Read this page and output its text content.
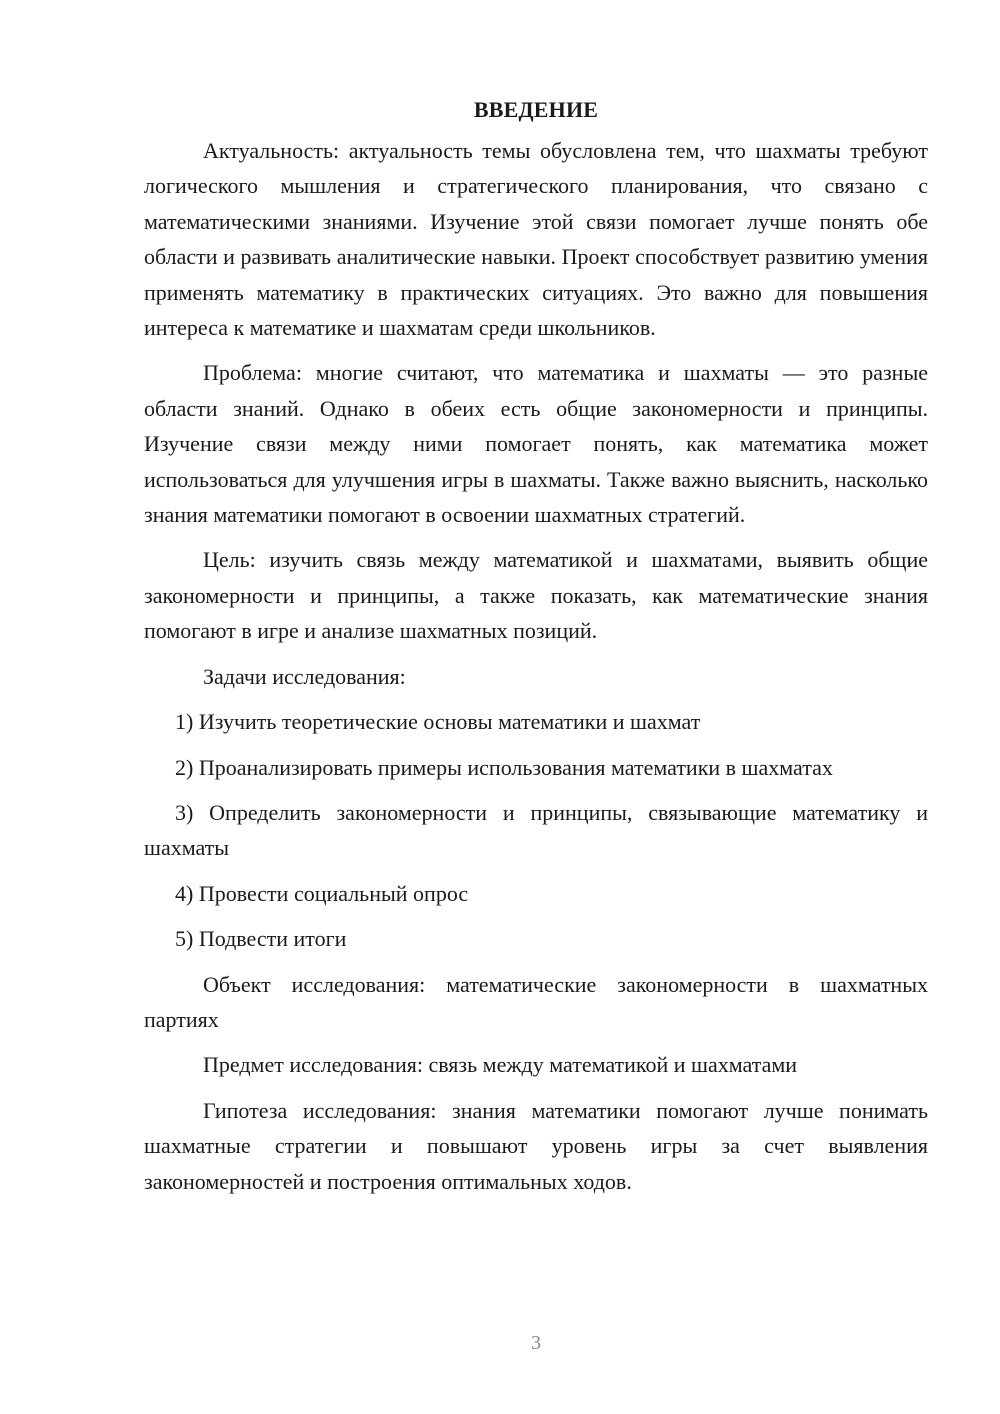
ВВЕДЕНИЕ

Актуальность: актуальность темы обусловлена тем, что шахматы требуют логического мышления и стратегического планирования, что связано с математическими знаниями. Изучение этой связи помогает лучше понять обе области и развивать аналитические навыки. Проект способствует развитию умения применять математику в практических ситуациях. Это важно для повышения интереса к математике и шахматам среди школьников.

Проблема: многие считают, что математика и шахматы — это разные области знаний. Однако в обеих есть общие закономерности и принципы. Изучение связи между ними помогает понять, как математика может использоваться для улучшения игры в шахматы. Также важно выяснить, насколько знания математики помогают в освоении шахматных стратегий.

Цель: изучить связь между математикой и шахматами, выявить общие закономерности и принципы, а также показать, как математические знания помогают в игре и анализе шахматных позиций.

Задачи исследования:

1) Изучить теоретические основы математики и шахмат

2) Проанализировать примеры использования математики в шахматах

3) Определить закономерности и принципы, связывающие математику и шахматы

4) Провести социальный опрос

5) Подвести итоги

Объект исследования: математические закономерности в шахматных партиях

Предмет исследования: связь между математикой и шахматами

Гипотеза исследования: знания математики помогают лучше понимать шахматные стратегии и повышают уровень игры за счет выявления закономерностей и построения оптимальных ходов.

3
